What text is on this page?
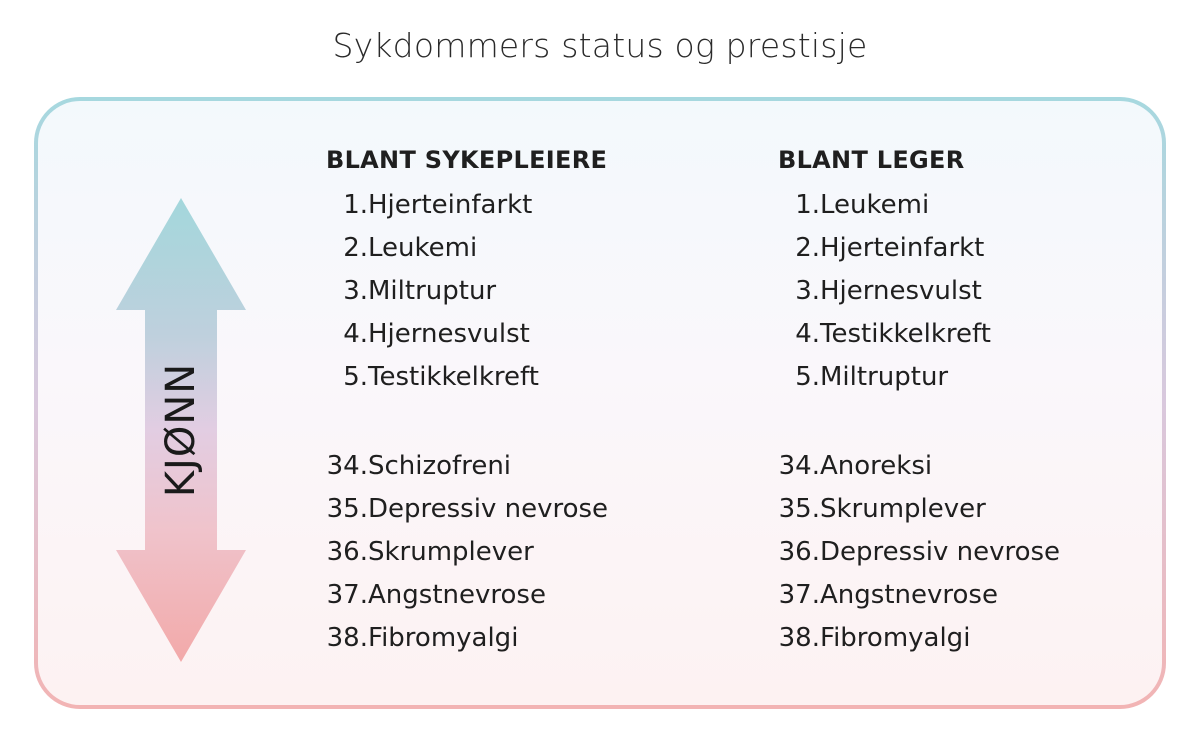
Sykdommers status og prestisje
KJØNN
BLANT SYKEPLEIERE
1. Hjerteinfarkt
2. Leukemi
3. Miltruptur
4. Hjernesvulst
5. Testikkelkreft
34. Schizofreni
35. Depressiv nevrose
36. Skrumplever
37. Angstnevrose
38. Fibromyalgi
BLANT LEGER
1. Leukemi
2. Hjerteinfarkt
3. Hjernesvulst
4. Testikkelkreft
5. Miltruptur
34. Anoreksi
35. Skrumplever
36. Depressiv nevrose
37. Angstnevrose
38. Fibromyalgi
